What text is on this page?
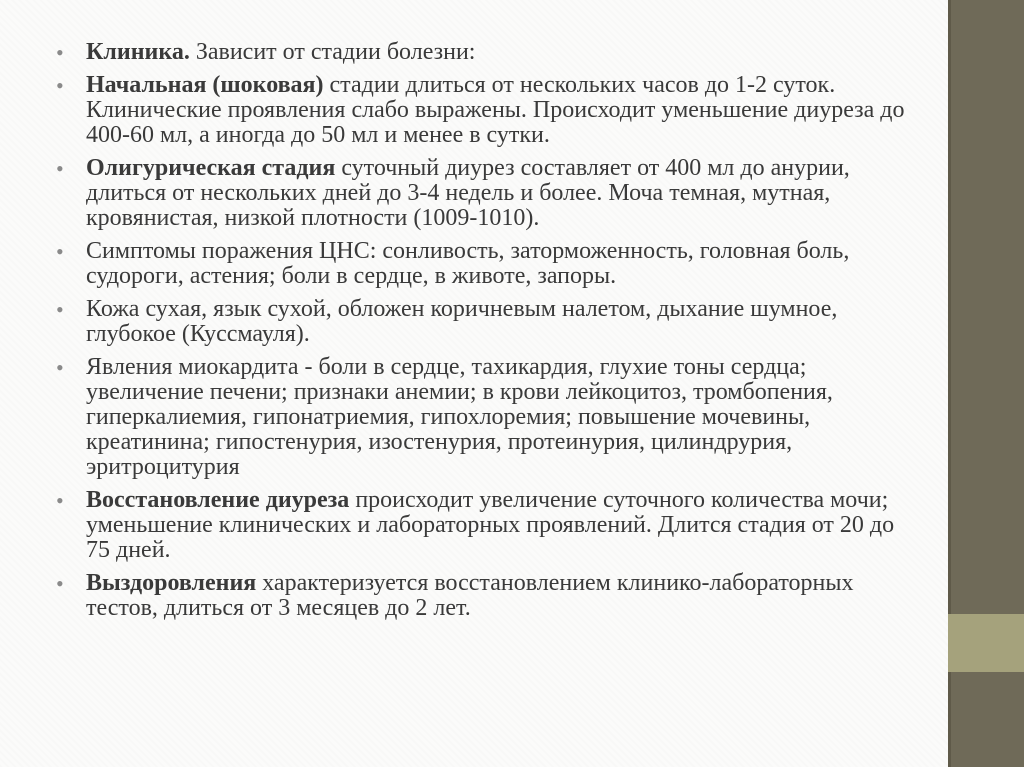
• Клиника. Зависит от стадии болезни:
• Начальная (шоковая) стадии длиться от нескольких часов до 1-2 суток. Клинические проявления слабо выражены. Происходит уменьшение диуреза до 400-60 мл, а иногда до 50 мл и менее в сутки.
• Олигурическая стадия суточный диурез составляет от 400 мл до анурии, длиться от нескольких дней до 3-4 недель и более. Моча темная, мутная, кровянистая, низкой плотности (1009-1010).
• Симптомы поражения ЦНС: сонливость, заторможенность, головная боль, судороги, астения; боли в сердце, в животе, запоры.
• Кожа сухая, язык сухой, обложен коричневым налетом, дыхание шумное, глубокое (Куссмауля).
• Явления миокардита - боли в сердце, тахикардия, глухие тоны сердца; увеличение печени; признаки анемии; в крови лейкоцитоз, тромбопения, гиперкалиемия, гипонатриемия, гипохлоремия; повышение мочевины, креатинина; гипостенурия, изостенурия, протеинурия, цилиндрурия, эритроцитурия
• Восстановление диуреза происходит увеличение суточного количества мочи; уменьшение клинических и лабораторных проявлений. Длится стадия от 20 до 75 дней.
• Выздоровления характеризуется восстановлением клинико-лабораторных тестов, длиться от 3 месяцев до 2 лет.
